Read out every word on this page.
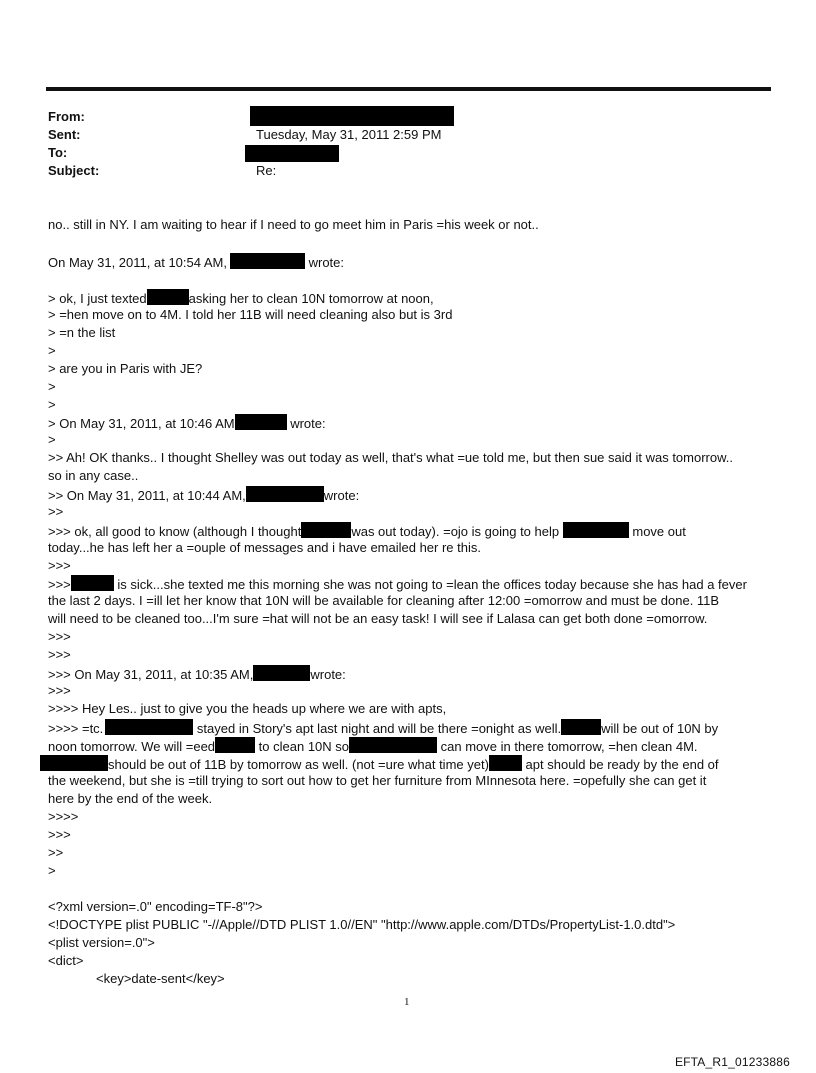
From:
Sent:	Tuesday, May 31, 2011 2:59 PM
To:
Subject:	Re:
no.. still in NY. I am waiting to hear if I need to go meet him in Paris =his week or not..
On May 31, 2011, at 10:54 AM,	wrote:
> ok, I just texted	asking her to clean 10N tomorrow at noon,
> =hen move on to 4M. I told her 11B will need cleaning also but is 3rd
> =n the list
>
> are you in Paris with JE?
>
>
> On May 31, 2011, at 10:46 AM	wrote:
>
>> Ah! OK thanks.. I thought Shelley was out today as well, that's what =ue told me, but then sue said it was tomorrow..
so in any case..
>> On May 31, 2011, at 10:44 AM,	wrote:
>>
>>> ok, all good to know (although I thought	was out today). =ojo is going to help	move out
today...he has left her a =ouple of messages and i have emailed her re this.
>>>
>>>	is sick...she texted me this morning she was not going to =lean the offices today because she has had a fever
the last 2 days. I =ill let her know that 10N will be available for cleaning after 12:00 =omorrow and must be done. 11B
will need to be cleaned too...I'm sure =hat will not be an easy task! I will see if Lalasa can get both done =omorrow.
>>>
>>>
>>> On May 31, 2011, at 10:35 AM,	wrote:
>>>
>>>> Hey Les.. just to give you the heads up where we are with apts,
>>>> =tc.	stayed in Story's apt last night and will be there =onight as well.	will be out of 10N by
noon tomorrow. We will =eed	to clean 10N so	can move in there tomorrow, =hen clean 4M.
should be out of 11B by tomorrow as well. (not =ure what time yet)	apt should be ready by the end of
the weekend, but she is =till trying to sort out how to get her furniture from MInnesota here. =opefully she can get it
here by the end of the week.
>>>>
>>>
>>
>
<?xml version=.0" encoding=TF-8"?>
<!DOCTYPE plist PUBLIC "-//Apple//DTD PLIST 1.0//EN" "http://www.apple.com/DTDs/PropertyList-1.0.dtd">
<plist version=.0">
<dict>
<key>date-sent</key>
1
EFTA_R1_01233886
